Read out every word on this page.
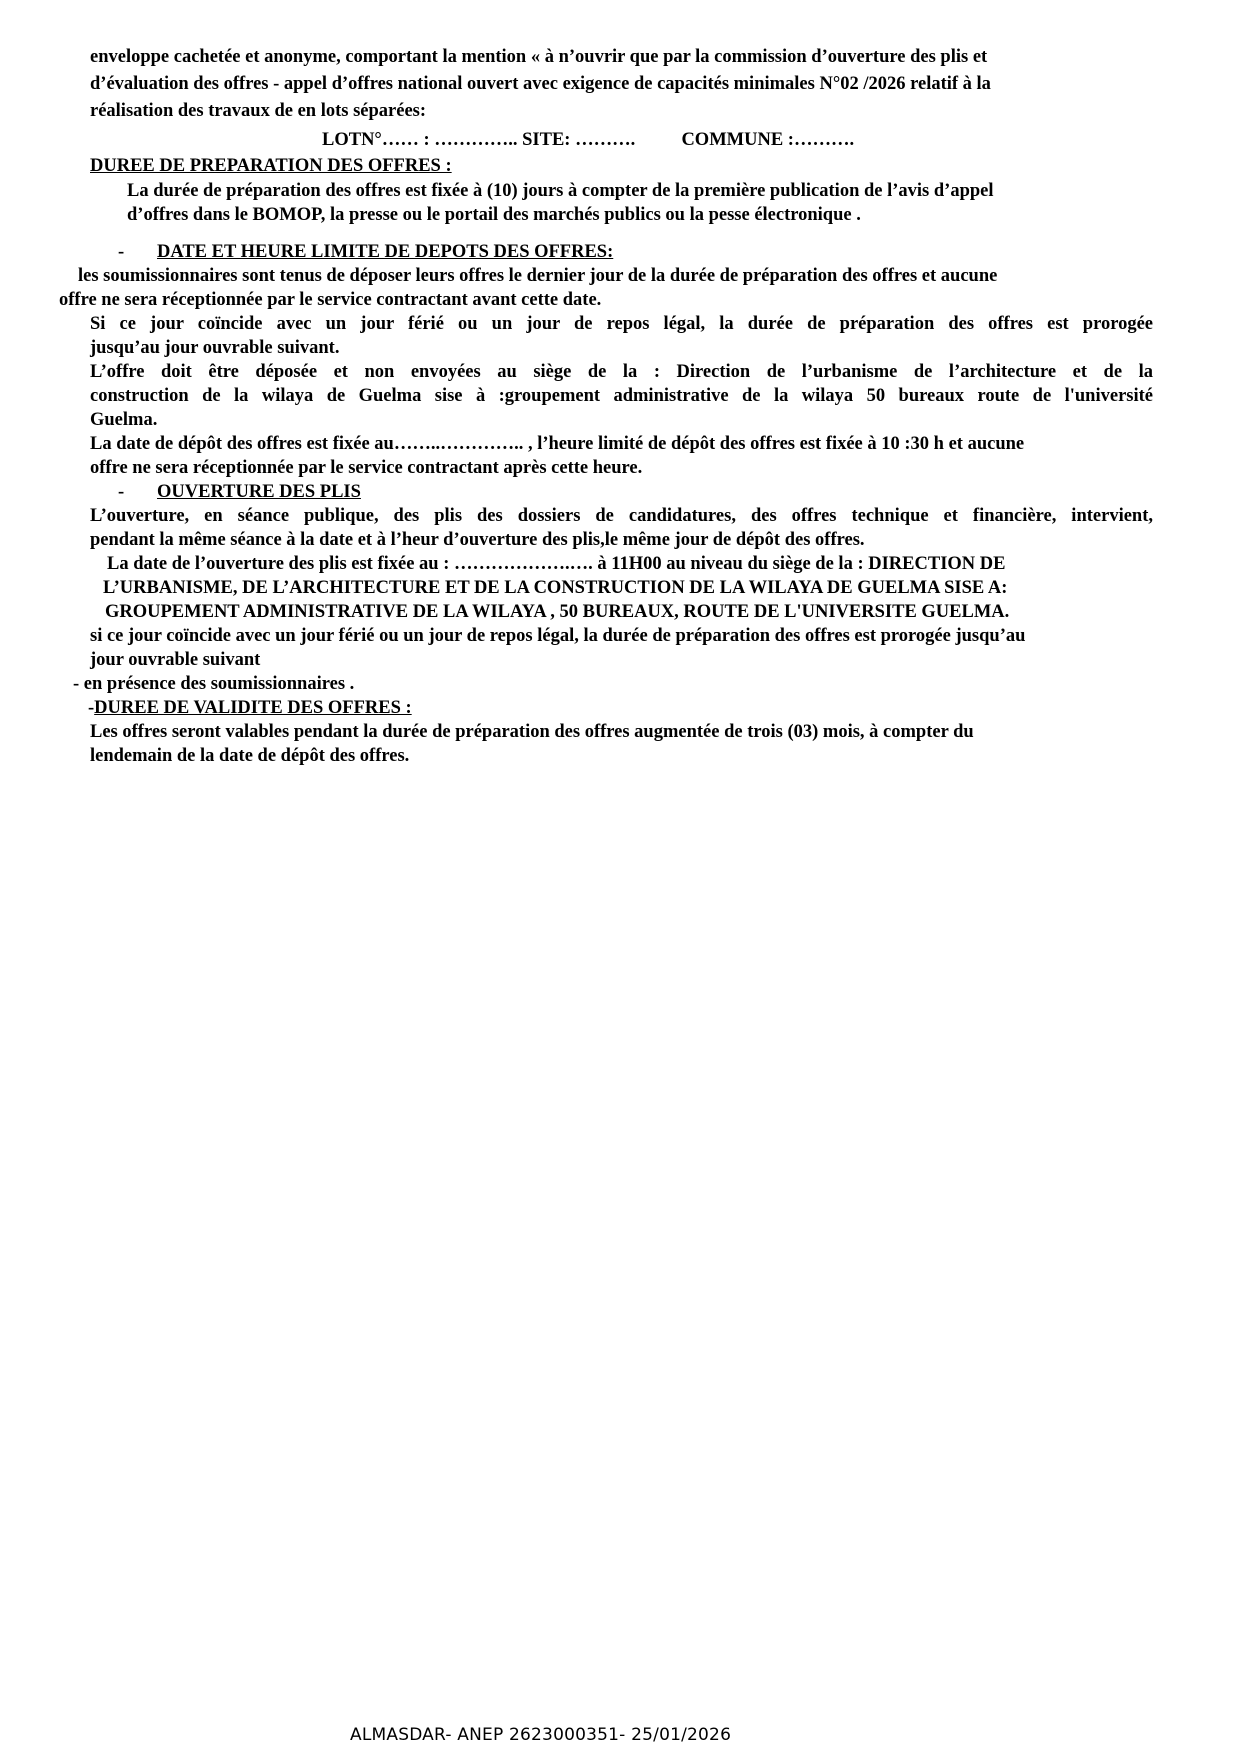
enveloppe cachetée et anonyme, comportant la mention « à n’ouvrir que par la commission d’ouverture des plis et
d’évaluation des offres - appel d’offres national ouvert avec exigence de capacités minimales N°02 /2026 relatif à la
réalisation des travaux de en lots séparées:
LOTN°…… : ………….. SITE: ……….          COMMUNE :……….
DUREE DE PREPARATION DES OFFRES :
La durée de préparation des offres est fixée à (10) jours à compter de la première publication de l’avis d’appel
d’offres dans le BOMOP, la presse ou le portail des marchés publics ou la pesse électronique .
- DATE ET HEURE LIMITE DE DEPOTS DES OFFRES:
les soumissionnaires sont tenus de déposer leurs offres le dernier jour de la durée de préparation des offres et aucune
offre ne sera réceptionnée par le service contractant avant cette date.
Si ce jour coïncide avec un jour férié ou un jour de repos légal, la durée de préparation des offres est prorogée
jusqu’au jour ouvrable suivant.
L’offre doit être déposée et non envoyées au siège de la : Direction de l’urbanisme de l’architecture et de la
construction de la wilaya de Guelma sise à :groupement administrative de la wilaya 50 bureaux route de l'université
Guelma.
La date de dépôt des offres est fixée au……..………….. , l’heure limité de dépôt des offres est fixée à 10 :30 h et aucune
offre ne sera réceptionnée par le service contractant après cette heure.
- OUVERTURE DES PLIS
L’ouverture, en séance publique, des plis des dossiers de candidatures, des offres technique et financière, intervient,
pendant la même séance à la date et à l’heur d’ouverture des plis,le même jour de dépôt des offres.
La date de l’ouverture des plis est fixée au : ……………….…. à 11H00 au niveau du siège de la : DIRECTION DE
L’URBANISME, DE L’ARCHITECTURE ET DE LA CONSTRUCTION DE LA WILAYA DE GUELMA SISE A:
GROUPEMENT ADMINISTRATIVE DE LA WILAYA , 50 BUREAUX, ROUTE DE L'UNIVERSITE GUELMA.
si ce jour coïncide avec un jour férié ou un jour de repos légal, la durée de préparation des offres est prorogée jusqu’au
jour ouvrable suivant
- en présence des soumissionnaires .
-DUREE DE VALIDITE DES OFFRES :
Les offres seront valables pendant la durée de préparation des offres augmentée de trois (03) mois, à compter du
lendemain de la date de dépôt des offres.
ALMASDAR- ANEP 2623000351- 25/01/2026
